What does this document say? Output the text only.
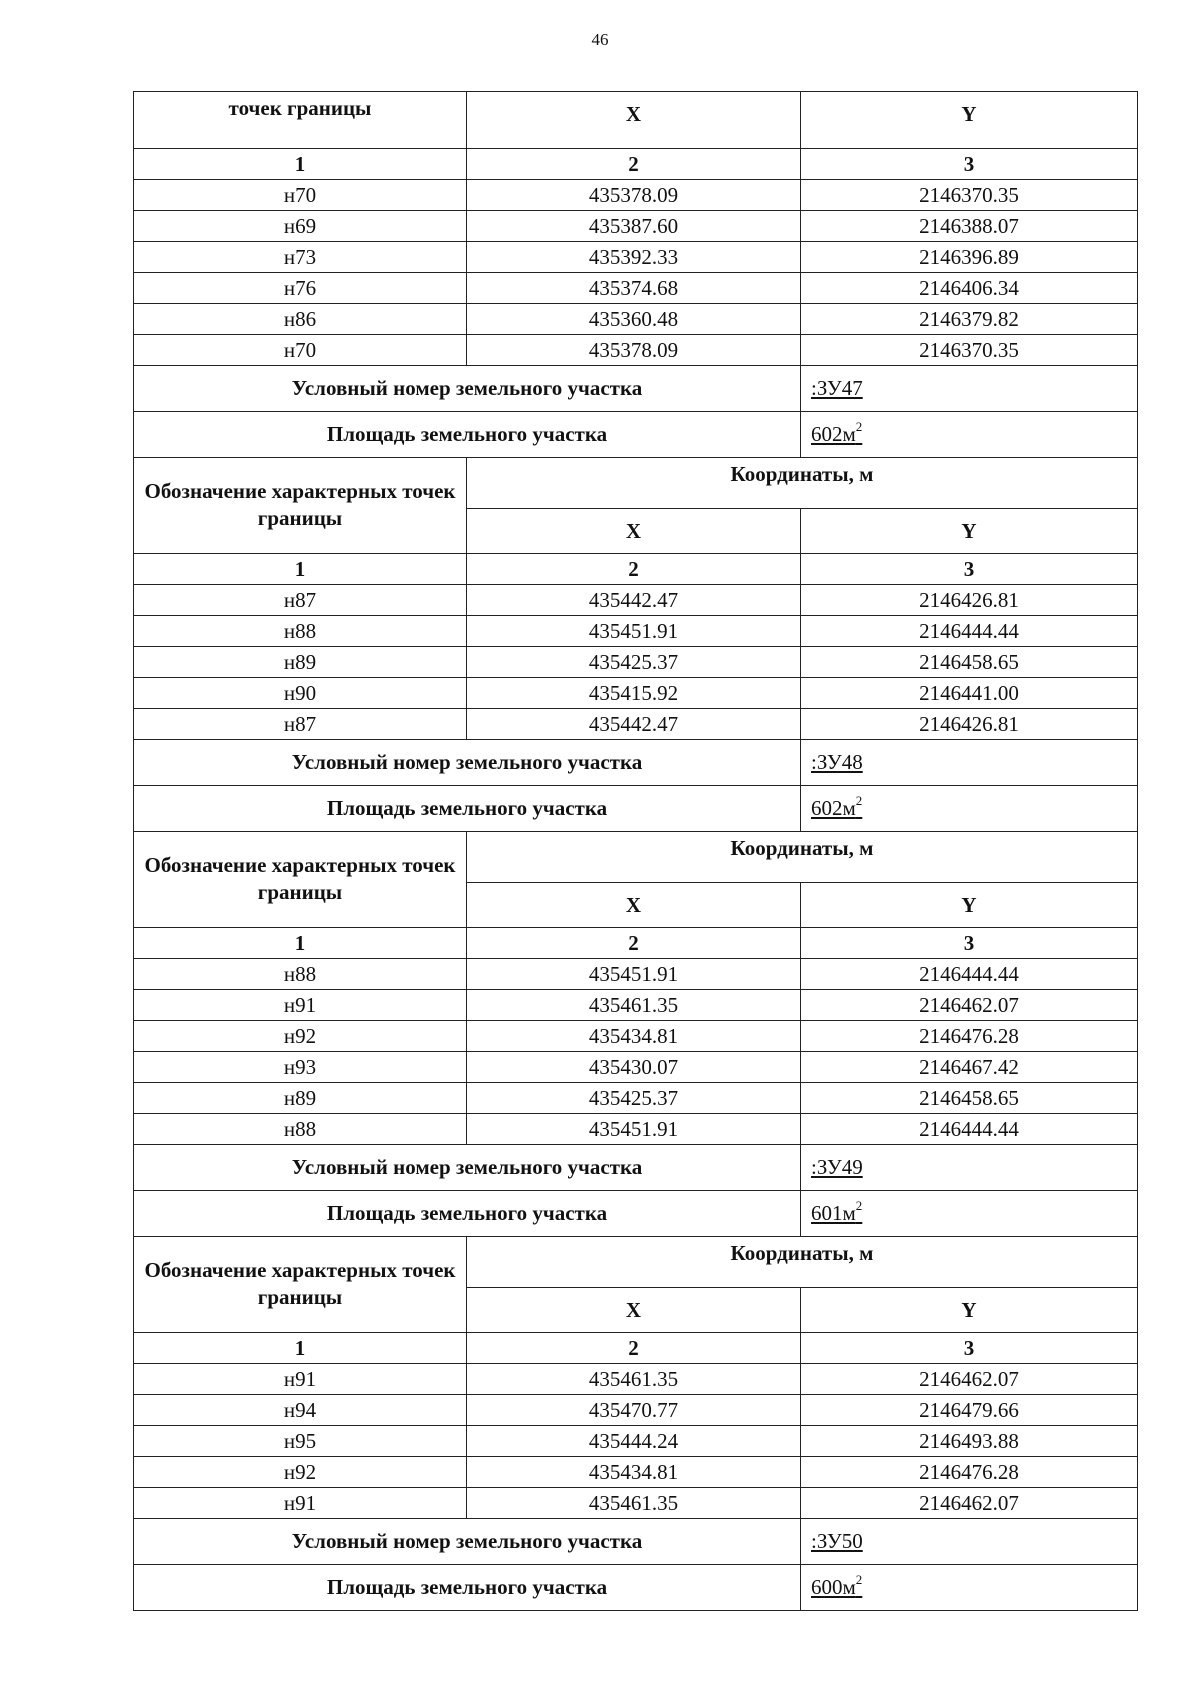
46
точек границы	X	Y
1	2	3
н70	435378.09	2146370.35
н69	435387.60	2146388.07
н73	435392.33	2146396.89
н76	435374.68	2146406.34
н86	435360.48	2146379.82
н70	435378.09	2146370.35
Условный номер земельного участка		:ЗУ47
Площадь земельного участка		$602м^2$
Обозначение характерных точек границы	Координаты, м	
	X	Y
1	2	3
н87	435442.47	2146426.81
н88	435451.91	2146444.44
н89	435425.37	2146458.65
н90	435415.92	2146441.00
н87	435442.47	2146426.81
Условный номер земельного участка		:ЗУ48
Площадь земельного участка		$602м^2$
Обозначение характерных точек границы	Координаты, м	
	X	Y
1	2	3
н88	435451.91	2146444.44
н91	435461.35	2146462.07
н92	435434.81	2146476.28
н93	435430.07	2146467.42
н89	435425.37	2146458.65
н88	435451.91	2146444.44
Условный номер земельного участка		:ЗУ49
Площадь земельного участка		$601м^2$
Обозначение характерных точек границы	Координаты, м	
	X	Y
1	2	3
н91	435461.35	2146462.07
н94	435470.77	2146479.66
н95	435444.24	2146493.88
н92	435434.81	2146476.28
н91	435461.35	2146462.07
Условный номер земельного участка		:ЗУ50
Площадь земельного участка		$600м^2$
